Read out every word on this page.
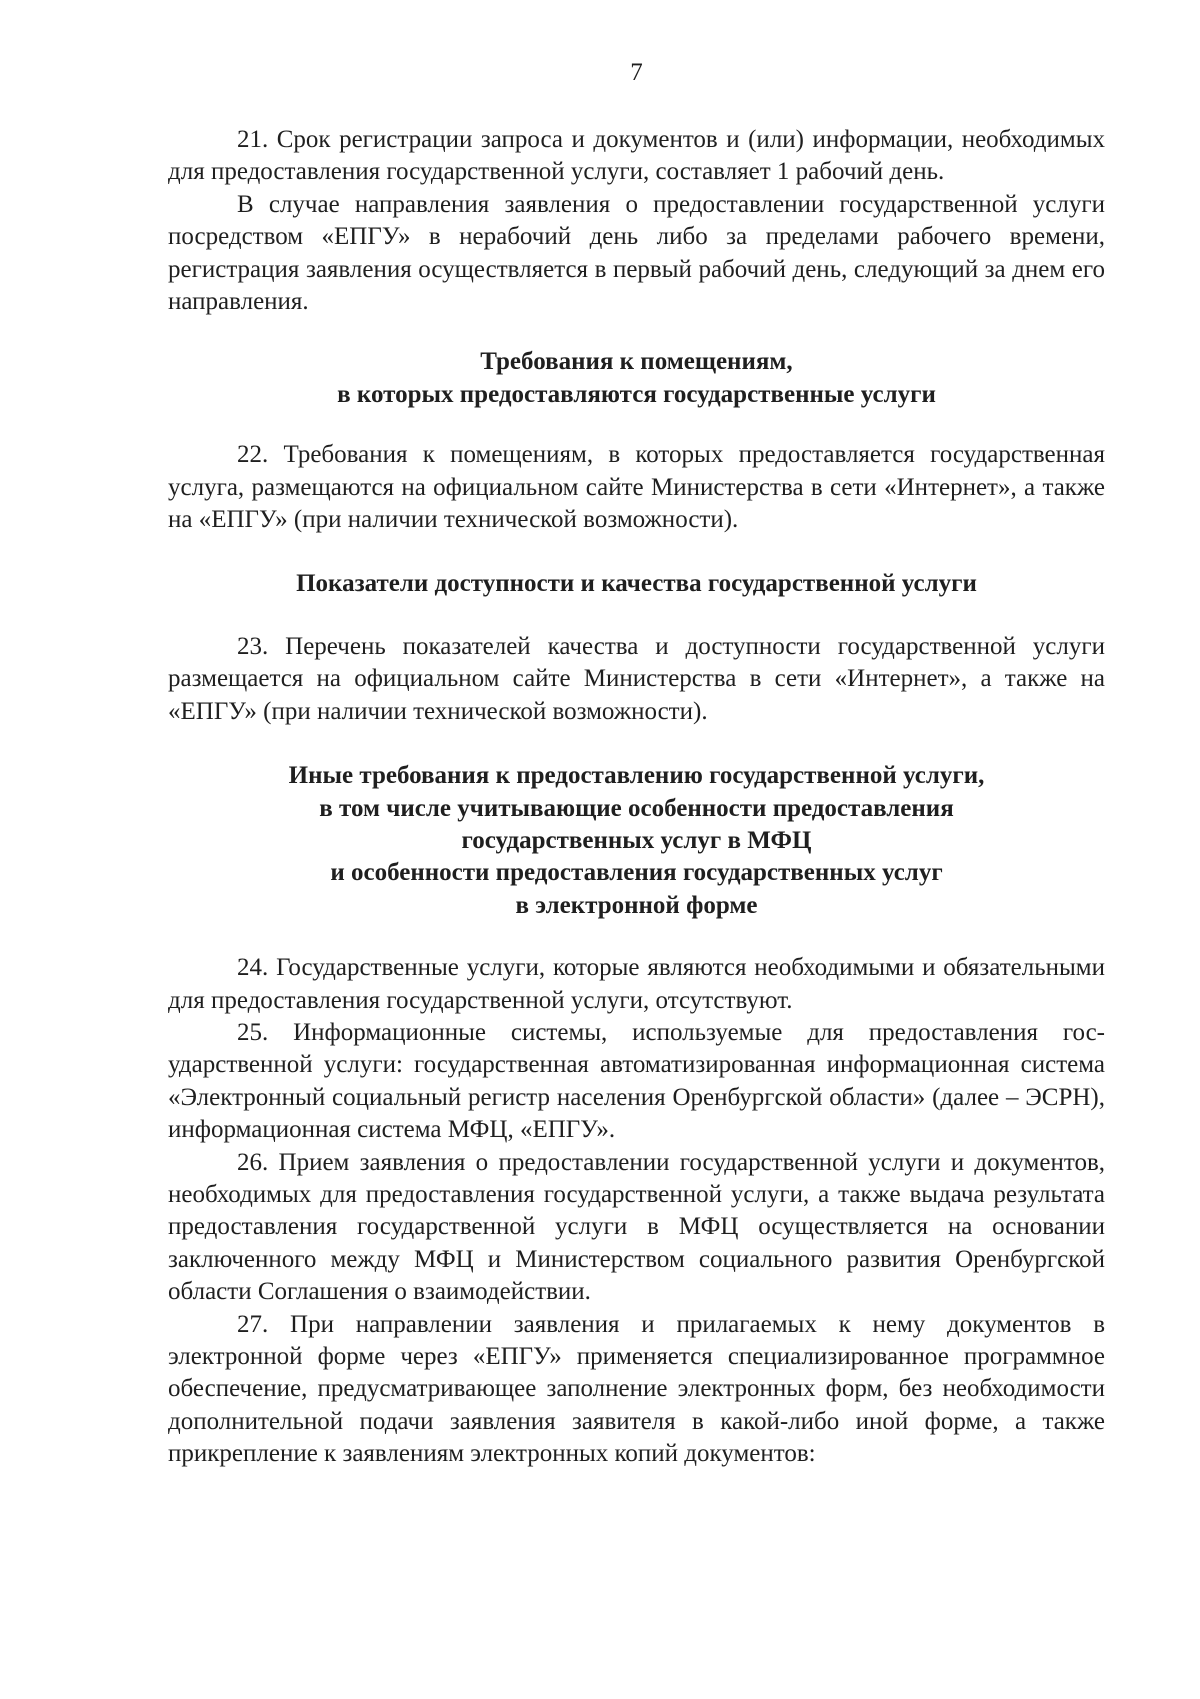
7

21. Срок регистрации запроса и документов и (или) информации, необходимых для предоставления государственной услуги, составляет 1 рабочий день.

В случае направления заявления о предоставлении государственной услуги посредством «ЕПГУ» в нерабочий день либо за пределами рабочего времени, регистрация заявления осуществляется в первый рабочий день, следующий за днем его направления.

Требования к помещениям,
в которых предоставляются государственные услуги

22. Требования к помещениям, в которых предоставляется государственная услуга, размещаются на официальном сайте Министерства в сети «Интернет», а также на «ЕПГУ» (при наличии технической возможности).

Показатели доступности и качества государственной услуги

23. Перечень показателей качества и доступности государственной услуги размещается на официальном сайте Министерства в сети «Интернет», а также на «ЕПГУ» (при наличии технической возможности).

Иные требования к предоставлению государственной услуги,
в том числе учитывающие особенности предоставления
государственных услуг в МФЦ
и особенности предоставления государственных услуг
в электронной форме

24. Государственные услуги, которые являются необходимыми и обязательными для предоставления государственной услуги, отсутствуют.

25. Информационные системы, используемые для предоставления государственной услуги: государственная автоматизированная информационная система «Электронный социальный регистр населения Оренбургской области» (далее – ЭСРН), информационная система МФЦ, «ЕПГУ».

26. Прием заявления о предоставлении государственной услуги и документов, необходимых для предоставления государственной услуги, а также выдача результата предоставления государственной услуги в МФЦ осуществляется на основании заключенного между МФЦ и Министерством социального развития Оренбургской области Соглашения о взаимодействии.

27. При направлении заявления и прилагаемых к нему документов в электронной форме через «ЕПГУ» применяется специализированное программное обеспечение, предусматривающее заполнение электронных форм, без необходимости дополнительной подачи заявления заявителя в какой-либо иной форме, а также прикрепление к заявлениям электронных копий документов:
